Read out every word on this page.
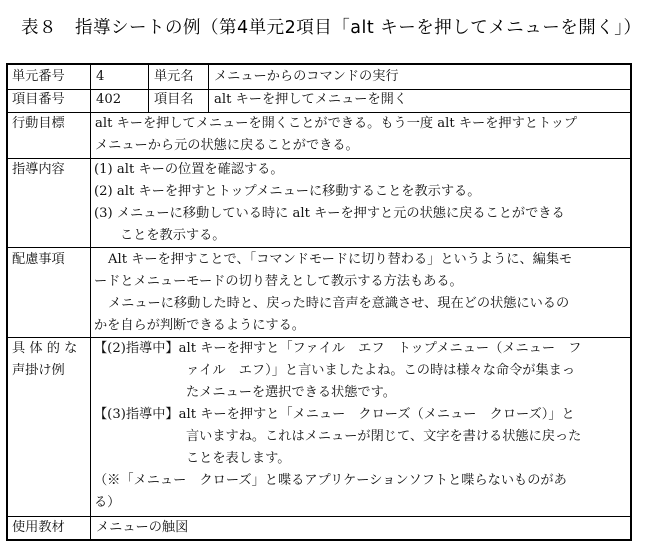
表８　指導シートの例（第4単元2項目「alt キーを押してメニューを開く」）
単元番号	4	単元名	メニューからのコマンドの実行
項目番号	402	項目名	alt キーを押してメニューを開く
行動目標 alt キーを押してメニューを開くことができる。もう一度 alt キーを押すとトップ
メニューから元の状態に戻ることができる。
指導内容 (1) alt キーの位置を確認する。
(2) alt キーを押すとトップメニューに移動することを教示する。
(3) メニューに移動している時に alt キーを押すと元の状態に戻ることができる
ことを教示する。
配慮事項	Alt キーを押すことで、「コマンドモードに切り替わる」というように、編集モ
ードとメニューモードの切り替えとして教示する方法もある。
メニューに移動した時と、戻った時に音声を意識させ、現在どの状態にいるの
かを自らが判断できるようにする。
具 体 的 な
声掛け例
【(2)指導中】alt キーを押すと「ファイル　エフ　トップメニュー（メニュー　フ
ァイル　エフ）」と言いましたよね。この時は様々な命令が集まっ
たメニューを選択できる状態です。
【(3)指導中】alt キーを押すと「メニュー　クローズ（メニュー　クローズ）」と
言いますね。これはメニューが閉じて、文字を書ける状態に戻った
ことを表します。
（※「メニュー　クローズ」と喋るアプリケーションソフトと喋らないものがあ
る）
使用教材	メニューの触図
